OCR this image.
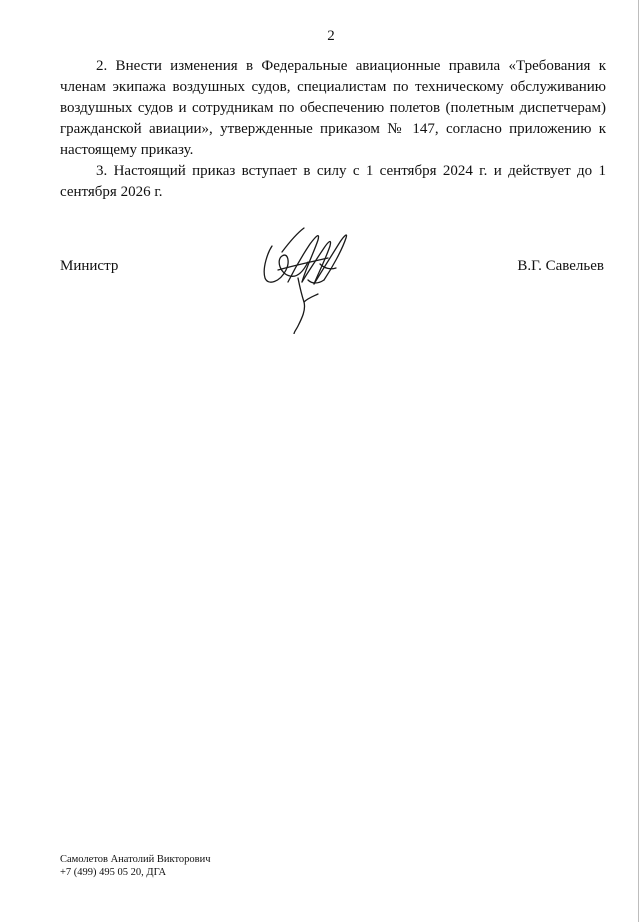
2

2. Внести изменения в Федеральные авиационные правила «Требования к членам экипажа воздушных судов, специалистам по техническому обслуживанию воздушных судов и сотрудникам по обеспечению полетов (полетным диспетчерам) гражданской авиации», утвержденные приказом № 147, согласно приложению к настоящему приказу.

3. Настоящий приказ вступает в силу с 1 сентября 2024 г. и действует до 1 сентября 2026 г.

Министр	В.Г. Савельев
Самолетов Анатолий Викторович
+7 (499) 495 05 20, ДГА
